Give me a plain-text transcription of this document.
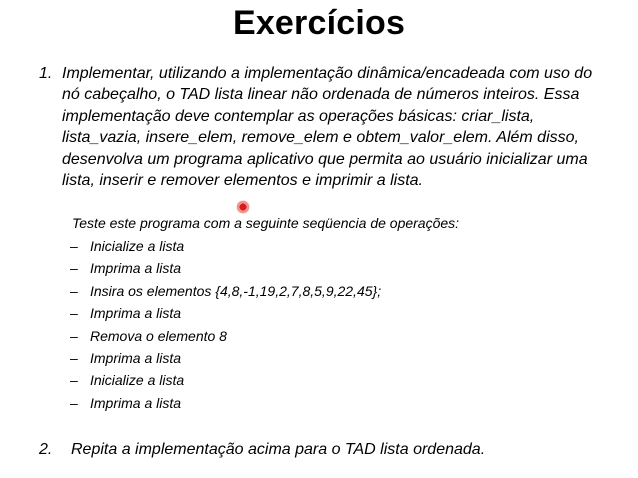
Exercícios
1. Implementar, utilizando a implementação dinâmica/encadeada com uso do nó cabeçalho, o TAD lista linear não ordenada de números inteiros. Essa implementação deve contemplar as operações básicas: criar_lista, lista_vazia, insere_elem, remove_elem e obtem_valor_elem. Além disso, desenvolva um programa aplicativo que permita ao usuário inicializar uma lista, inserir e remover elementos e imprimir a lista.
Teste este programa com a seguinte seqüencia de operações:
– Inicialize a lista
– Imprima a lista
– Insira os elementos {4,8,-1,19,2,7,8,5,9,22,45};
– Imprima a lista
– Remova o elemento 8
– Imprima a lista
– Inicialize a lista
– Imprima a lista
2. Repita a implementação acima para o TAD lista ordenada.
